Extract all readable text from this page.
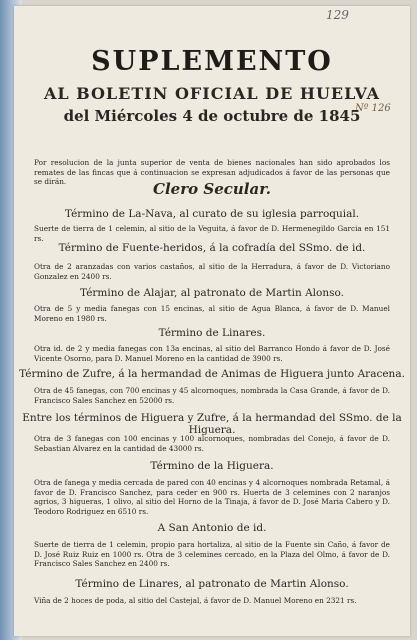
129
Nº 126
SUPLEMENTO
AL BOLETIN OFICIAL DE HUELVA
del Miércoles 4 de octubre de 1845
Por resolucion de la junta superior de venta de bienes nacionales han sido aprobados los remates de las fincas que á continuacion se expresan adjudicados á favor de las personas que se dirán.	Clero Secular.
Término de La-Nava, al curato de su iglesia parroquial.
Suerte de tierra de 1 celemin, al sitio de la Veguita, á favor de D. Hermenegildo Garcia en 151 rs.
Término de Fuente-heridos, á la cofradía del SSmo. de id.
Otra de 2 aranzadas con varios castaños, al sitio de la Herradura, á favor de D. Victoriano Gonzalez en 2400 rs.
Término de Alajar, al patronato de Martin Alonso.
Otra de 5 y media fanegas con 15 encinas, al sitio de Agua Blanca, á favor de D. Manuel Moreno en 1980 rs.
Término de Linares.
Otra id. de 2 y media fanegas con 13a encinas, al sitio del Barranco Hondo á favor de D. José Vicente Osorno, para D. Manuel Moreno en la cantidad de 3900 rs.
Término de Zufre, á la hermandad de Animas de Higuera junto Aracena.
Otra de 45 fanegas, con 700 encinas y 45 alcornoques, nombrada la Casa Grande, á favor de D. Francisco Sales Sanchez en 52000 rs.
Entre los términos de Higuera y Zufre, á la hermandad del SSmo. de la Higuera.
Otra de 3 fanegas con 100 encinas y 100 alcornoques, nombradas del Conejo, á favor de D. Sebastian Alvarez en la cantidad de 43000 rs.
Término de la Higuera.
Otra de fanega y media cercada de pared con 40 encinas y 4 alcornoques nombrada Retamal, á favor de D. Francisco Sanchez, para ceder en 900 rs. Huerta de 3 celemines con 2 naranjos agrios, 3 higueras, 1 olivo, al sitio del Horno de la Tinaja, á favor de D. José Maria Cabero y D. Teodoro Rodriguez en 6510 rs.
A San Antonio de id.
Suerte de tierra de 1 celemin, propio para hortaliza, al sitio de la Fuente sin Caño, á favor de D. José Ruiz Ruiz en 1000 rs. Otra de 3 celemines cercado, en la Plaza del Olmo, á favor de D. Francisco Sales Sanchez en 2400 rs.
Término de Linares, al patronato de Martin Alonso.
Viña de 2 hoces de poda, al sitio del Castejal, á favor de D. Manuel Moreno en 2321 rs.
